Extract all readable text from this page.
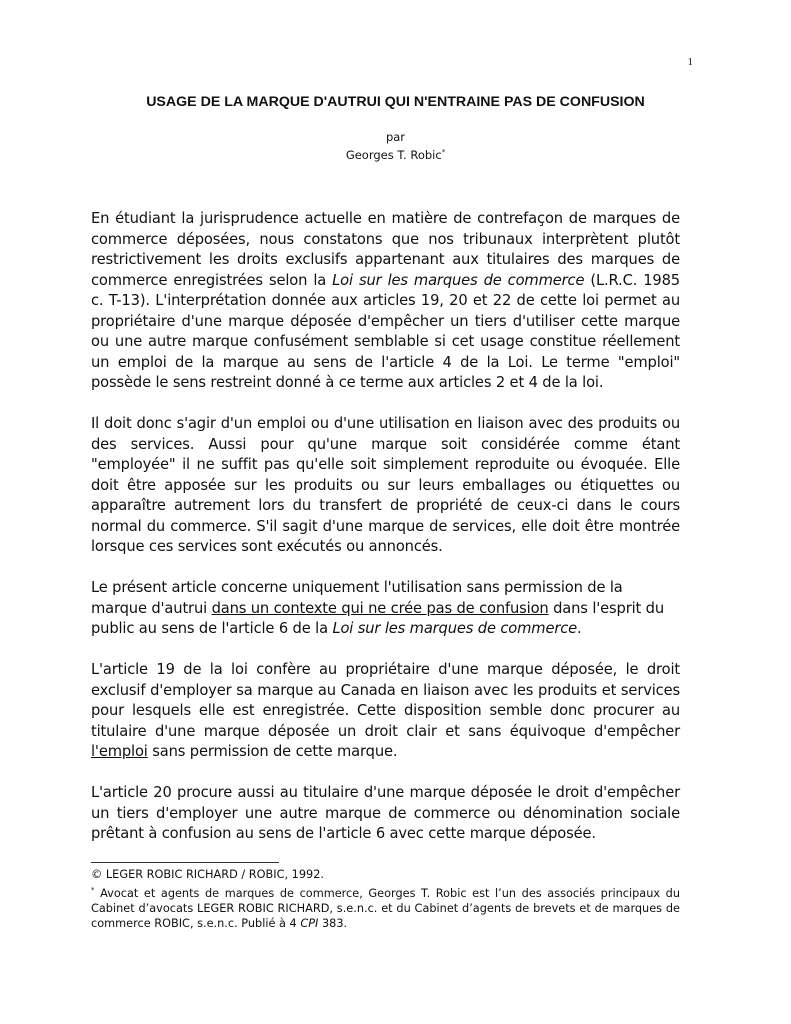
1
USAGE DE LA MARQUE D'AUTRUI QUI N'ENTRAINE PAS DE CONFUSION
par
Georges T. Robic*

En étudiant la jurisprudence actuelle en matière de contrefaçon de marques de commerce déposées, nous constatons que nos tribunaux interprètent plutôt restrictivement les droits exclusifs appartenant aux titulaires des marques de commerce enregistrées selon la Loi sur les marques de commerce (L.R.C. 1985 c. T-13). L'interprétation donnée aux articles 19, 20 et 22 de cette loi permet au propriétaire d'une marque déposée d'empêcher un tiers d'utiliser cette marque ou une autre marque confusément semblable si cet usage constitue réellement un emploi de la marque au sens de l'article 4 de la Loi. Le terme "emploi" possède le sens restreint donné à ce terme aux articles 2 et 4 de la loi.

Il doit donc s'agir d'un emploi ou d'une utilisation en liaison avec des produits ou des services. Aussi pour qu'une marque soit considérée comme étant "employée" il ne suffit pas qu'elle soit simplement reproduite ou évoquée. Elle doit être apposée sur les produits ou sur leurs emballages ou étiquettes ou apparaître autrement lors du transfert de propriété de ceux-ci dans le cours normal du commerce. S'il sagit d'une marque de services, elle doit être montrée lorsque ces services sont exécutés ou annoncés.

Le présent article concerne uniquement l'utilisation sans permission de la marque d'autrui dans un contexte qui ne crée pas de confusion dans l'esprit du public au sens de l'article 6 de la Loi sur les marques de commerce.

L'article 19 de la loi confère au propriétaire d'une marque déposée, le droit exclusif d'employer sa marque au Canada en liaison avec les produits et services pour lesquels elle est enregistrée. Cette disposition semble donc procurer au titulaire d'une marque déposée un droit clair et sans équivoque d'empêcher l'emploi sans permission de cette marque.

L'article 20 procure aussi au titulaire d'une marque déposée le droit d'empêcher un tiers d'employer une autre marque de commerce ou dénomination sociale prêtant à confusion au sens de l'article 6 avec cette marque déposée.

© LEGER ROBIC RICHARD / ROBIC, 1992.

* Avocat et agents de marques de commerce, Georges T. Robic est l’un des associés principaux du Cabinet d’avocats LEGER ROBIC RICHARD, s.e.n.c. et du Cabinet d’agents de brevets et de marques de commerce ROBIC, s.e.n.c. Publié à 4 CPI 383.
